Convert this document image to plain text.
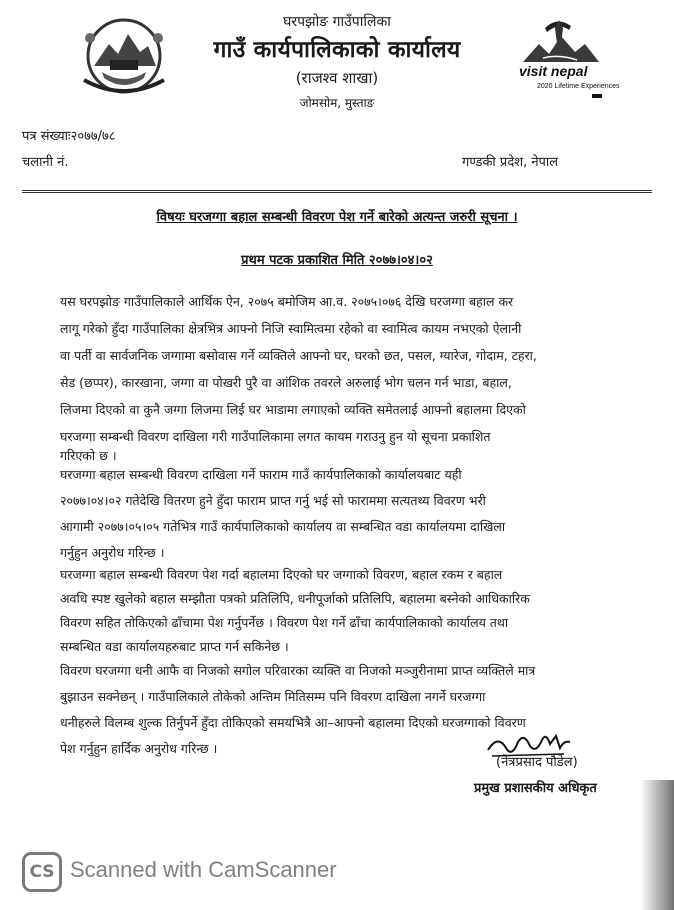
visit nepal
2020 Lifetime Experiences
घरपझोङ गाउँपालिका
गाउँ कार्यपालिकाको कार्यालय
(राजश्व शाखा)
जोमसोम, मुस्ताङ
पत्र संख्याः२०७७/७८
चलानी नं.	गण्डकी प्रदेश, नेपाल
विषयः घरजग्गा बहाल सम्बन्धी विवरण पेश गर्ने बारेको अत्यन्त जरुरी सूचना ।
प्रथम पटक प्रकाशित मिति २०७७।०४।०२
यस घरपझोङ गाउँपालिकाले आर्थिक ऐन, २०७५ बमोजिम आ.व. २०७५।०७६ देखि घरजग्गा बहाल कर
लागू गरेको हुँदा गाउँपालिका क्षेत्रभित्र आफ्नो निजि स्वामित्वमा रहेको वा स्वामित्व कायम नभएको ऐलानी
वा पर्ती वा सार्वजनिक जग्गामा बसोवास गर्ने व्यक्तिले आफ्नो घर, घरको छत, पसल, ग्यारेज, गोदाम, टहरा,
सेड (छप्पर), कारखाना, जग्गा वा पोखरी पुरै वा आंशिक तवरले अरुलाई भोग चलन गर्न भाडा, बहाल,
लिजमा दिएको वा कुनै जग्गा लिजमा लिई घर भाडामा लगाएको व्यक्ति समेतलाई आफ्नो बहालमा दिएको
घरजग्गा सम्बन्धी विवरण दाखिला गरी गाउँपालिकामा लगत कायम गराउनु हुन यो सूचना प्रकाशित
गरिएको छ ।
घरजग्गा बहाल सम्बन्धी विवरण दाखिला गर्ने फाराम गाउँ कार्यपालिकाको कार्यालयबाट यही
२०७७।०४।०२ गतेदेखि वितरण हुने हुँदा फाराम प्राप्त गर्नु भई सो फाराममा सत्यतथ्य विवरण भरी
आगामी २०७७।०५।०५ गतेभित्र गाउँ कार्यपालिकाको कार्यालय वा सम्बन्धित वडा कार्यालयमा दाखिला
गर्नुहुन अनुरोध गरिन्छ ।
घरजग्गा बहाल सम्बन्धी विवरण पेश गर्दा बहालमा दिएको घर जग्गाको विवरण, बहाल रकम र बहाल
अवधि स्पष्ट खुलेको बहाल सम्झौता पत्रको प्रतिलिपि, धनीपूर्जाको प्रतिलिपि, बहालमा बस्नेको आधिकारिक
विवरण सहित तोकिएको ढाँचामा पेश गर्नुपर्नेछ । विवरण पेश गर्ने ढाँचा कार्यपालिकाको कार्यालय तथा
सम्बन्धित वडा कार्यालयहरुबाट प्राप्त गर्न सकिनेछ ।
विवरण घरजग्गा धनी आफै वा निजको सगोल परिवारका व्यक्ति वा निजको मञ्जुरीनामा प्राप्त व्यक्तिले मात्र
बुझाउन सक्नेछन् । गाउँपालिकाले तोकेको अन्तिम मितिसम्म पनि विवरण दाखिला नगर्ने घरजग्गा
धनीहरुले विलम्ब शुल्क तिर्नुपर्ने हुँदा तोकिएको समयभित्रै आ–आफ्नो बहालमा दिएको घरजग्गाको विवरण
पेश गर्नुहुन हार्दिक अनुरोध गरिन्छ ।
(नेत्रप्रसाद पौडेल)
प्रमुख प्रशासकीय अधिकृत
CS Scanned with CamScanner
